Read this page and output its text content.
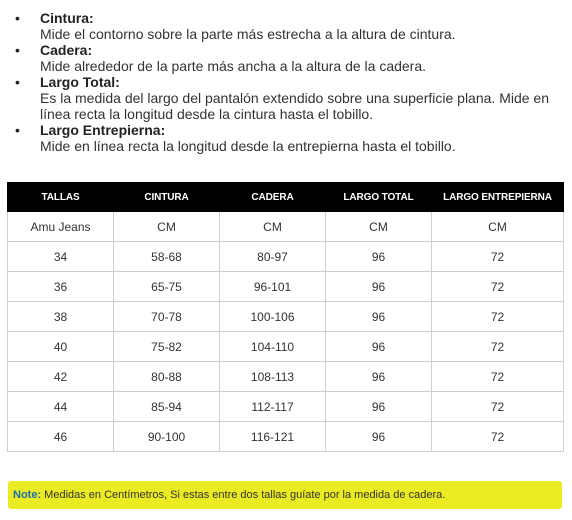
• Cintura:
Mide el contorno sobre la parte más estrecha a la altura de cintura.
• Cadera:
Mide alrededor de la parte más ancha a la altura de la cadera.
• Largo Total:
Es la medida del largo del pantalón extendido sobre una superficie plana. Mide en línea recta la longitud desde la cintura hasta el tobillo.
• Largo Entrepierna:
Mide en línea recta la longitud desde la entrepierna hasta el tobillo.
TALLAS	CINTURA	CADERA	LARGO TOTAL	LARGO ENTREPIERNA
Amu Jeans	CM	CM	CM	CM
34	58-68	80-97	96	72
36	65-75	96-101	96	72
38	70-78	100-106	96	72
40	75-82	104-110	96	72
42	80-88	108-113	96	72
44	85-94	112-117	96	72
46	90-100	116-121	96	72
Note: Medidas en Centímetros, Si estas entre dos tallas guíate por la medida de cadera.
